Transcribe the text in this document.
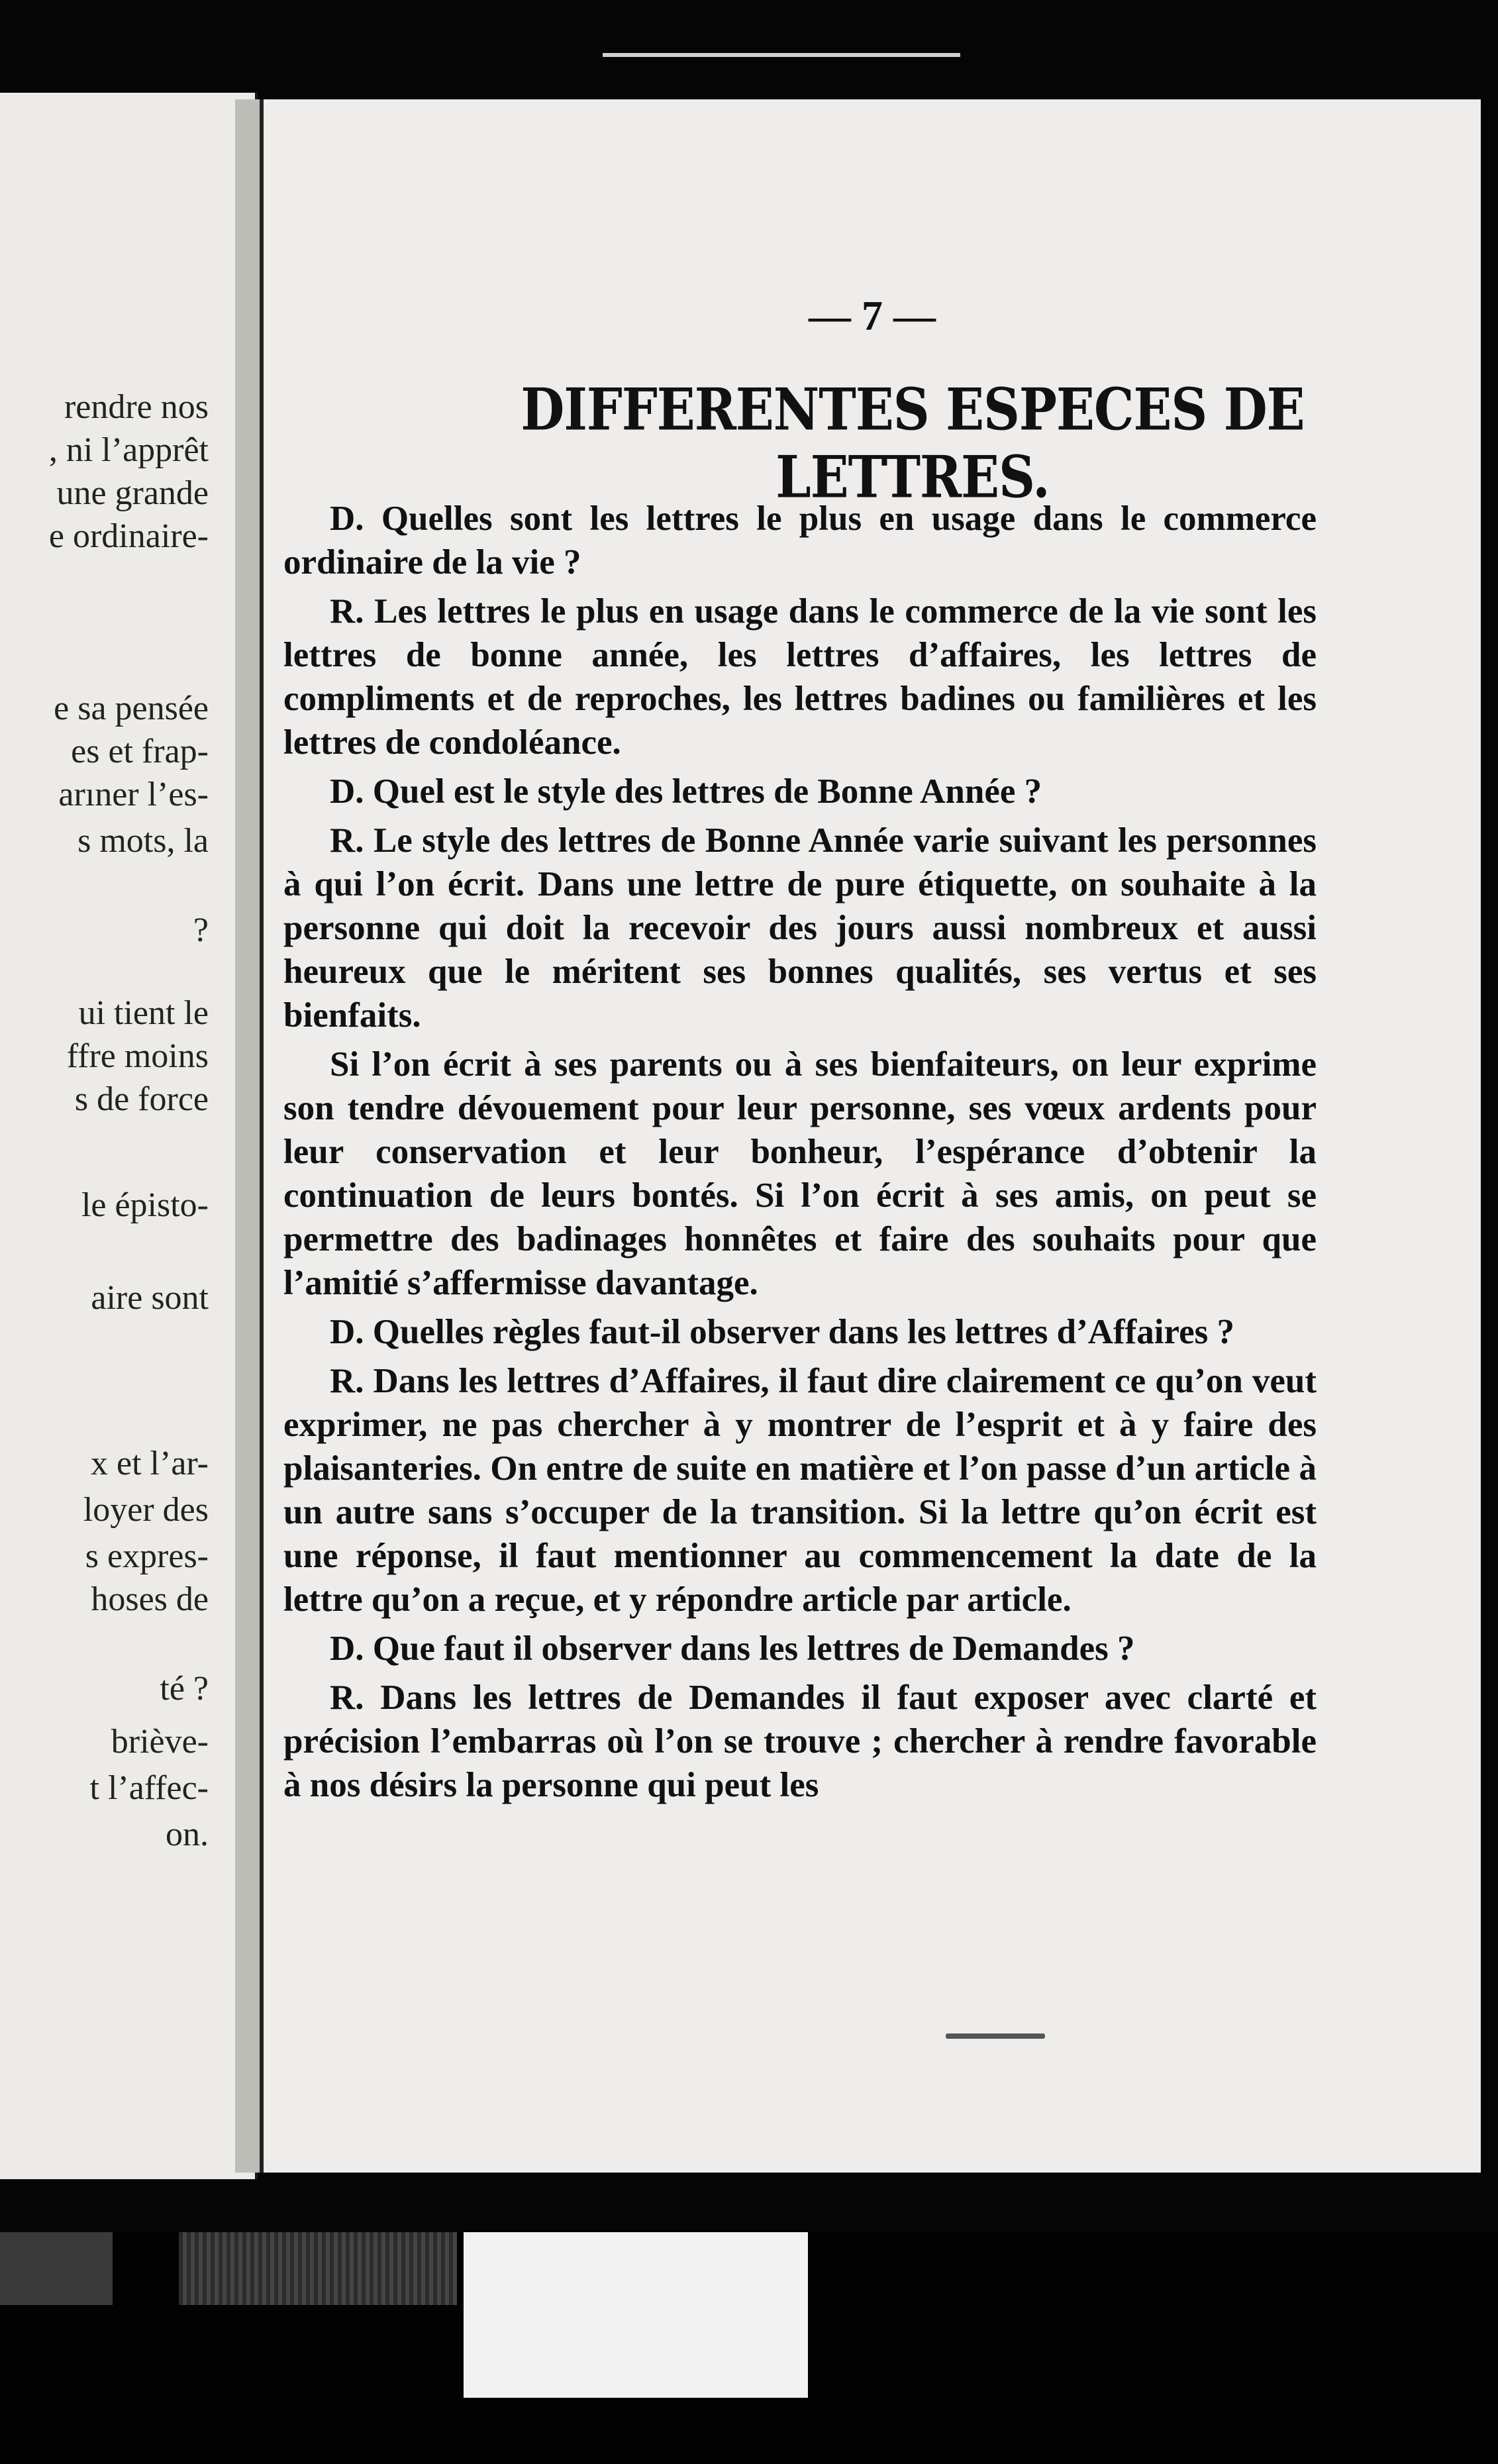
rendre nos
, ni l’apprêt
une grande
e ordinaire-
e sa pensée
es et frap-
arıner l’es-
s mots, la
?
ui tient le
ffre moins
s de force
le épisto-
aire sont
x et l’ar-
loyer des
s expres-
hoses de
té ?
brièvе-
t l’affec-
on.
— 7 —
DIFFERENTES ESPECES DE LETTRES.

D. Quelles sont les lettres le plus en usage dans le commerce ordinaire de la vie ?

R. Les lettres le plus en usage dans le commerce de la vie sont les lettres de bonne année, les lettres d’affaires, les lettres de compliments et de reproches, les lettres badines ou familières et les lettres de condoléance.

D. Quel est le style des lettres de Bonne Année ?

R. Le style des lettres de Bonne Année varie suivant les personnes à qui l’on écrit. Dans une lettre de pure étiquette, on souhaite à la personne qui doit la recevoir des jours aussi nombreux et aussi heureux que le méritent ses bonnes qualités, ses vertus et ses bienfaits.

Si l’on écrit à ses parents ou à ses bienfaiteurs, on leur exprime son tendre dévouement pour leur personne, ses vœux ardents pour leur conservation et leur bonheur, l’espérance d’obtenir la continuation de leurs bontés. Si l’on écrit à ses amis, on peut se permettre des badinages honnêtes et faire des souhaits pour que l’amitié s’affermisse davantage.

D. Quelles règles faut-il observer dans les lettres d’Affaires ?

R. Dans les lettres d’Affaires, il faut dire clairement ce qu’on veut exprimer, ne pas chercher à y montrer de l’esprit et à y faire des plaisanteries. On entre de suite en matière et l’on passe d’un article à un autre sans s’occuper de la transition. Si la lettre qu’on écrit est une réponse, il faut mentionner au commencement la date de la lettre qu’on a reçue, et y répondre article par article.

D. Que faut il observer dans les lettres de Demandes ?

R. Dans les lettres de Demandes il faut exposer avec clarté et précision l’embarras où l’on se trouve ; chercher à rendre favorable à nos désirs la personne qui peut les
